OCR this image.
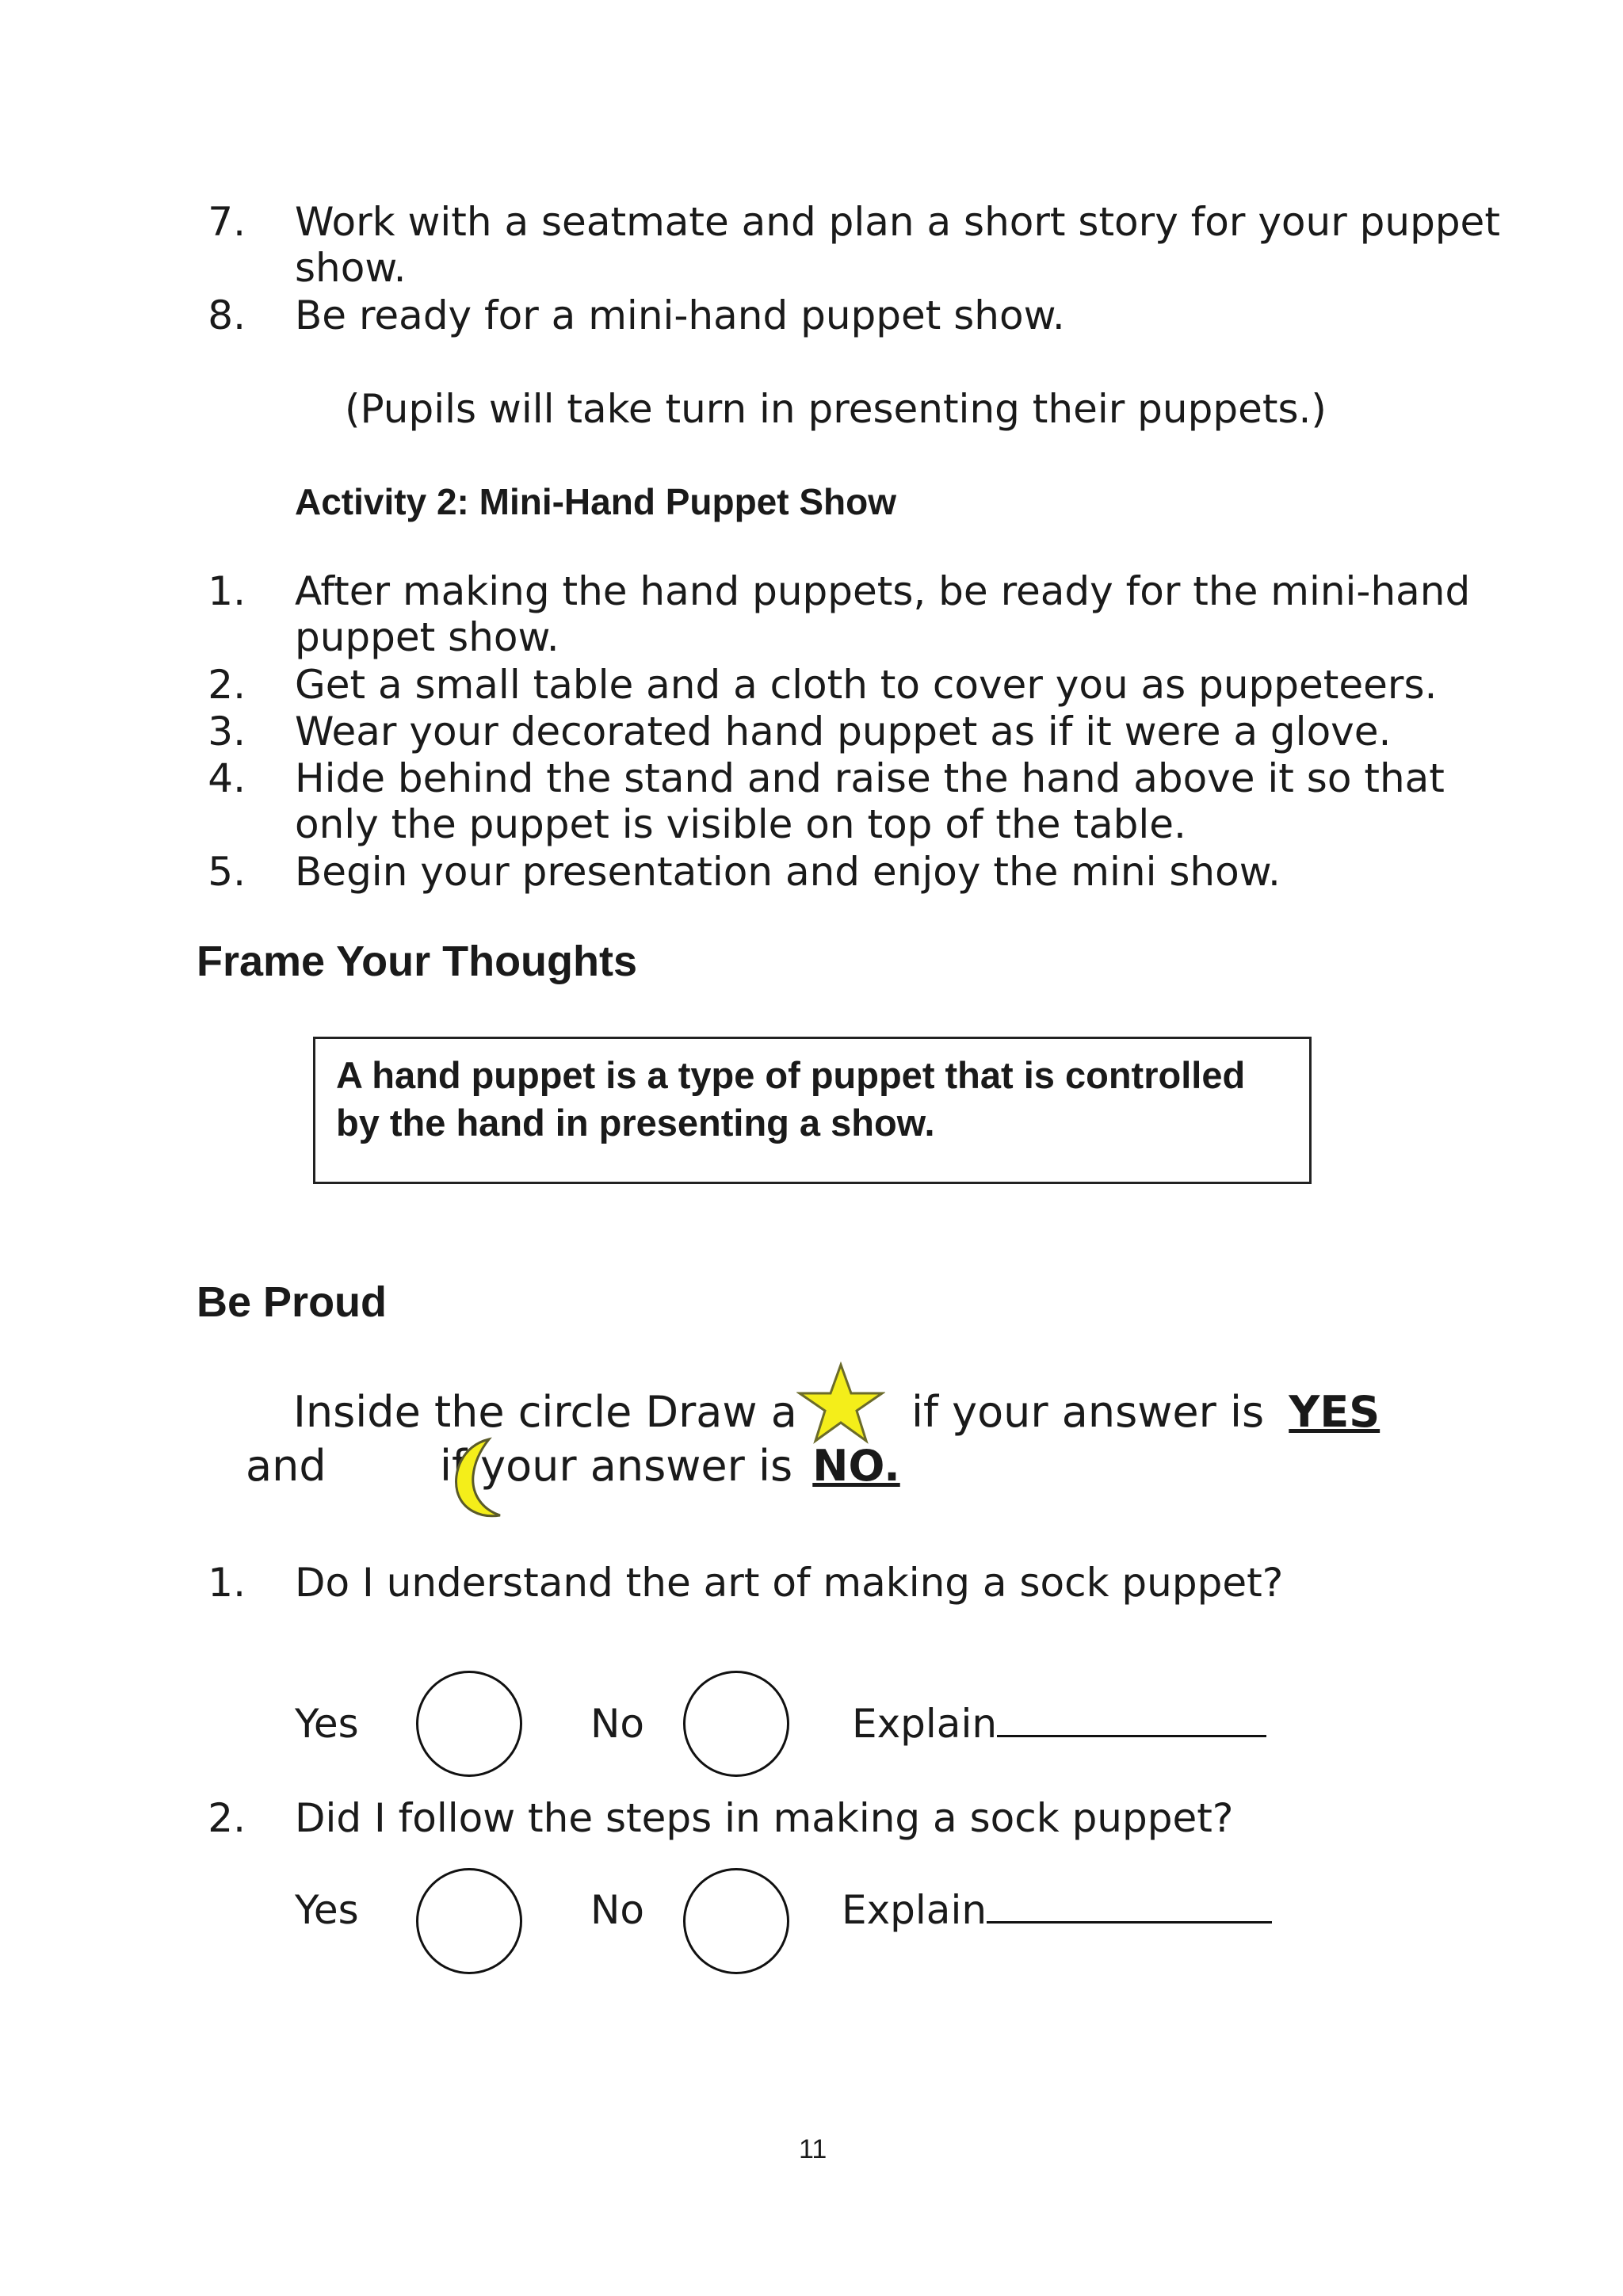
7. Work with a seatmate and plan a short story for your puppet
show.
8. Be ready for a mini-hand puppet show.
(Pupils will take turn in presenting their puppets.)
Activity 2: Mini-Hand Puppet Show
1. After making the hand puppets, be ready for the mini-hand
puppet show.
2. Get a small table and a cloth to cover you as puppeteers.
3. Wear your decorated hand puppet as if it were a glove.
4. Hide behind the stand and raise the hand above it so that
only the puppet is visible on top of the table.
5. Begin your presentation and enjoy the mini show.
Frame Your Thoughts
A hand puppet is a type of puppet that is controlled by the hand in presenting a show.
Be Proud
Inside the circle Draw a	if your answer is YES
and	if your answer is NO.
1. Do I understand the art of making a sock puppet?
Yes	No	Explain
2. Did I follow the steps in making a sock puppet?
Yes	No	Explain
11
